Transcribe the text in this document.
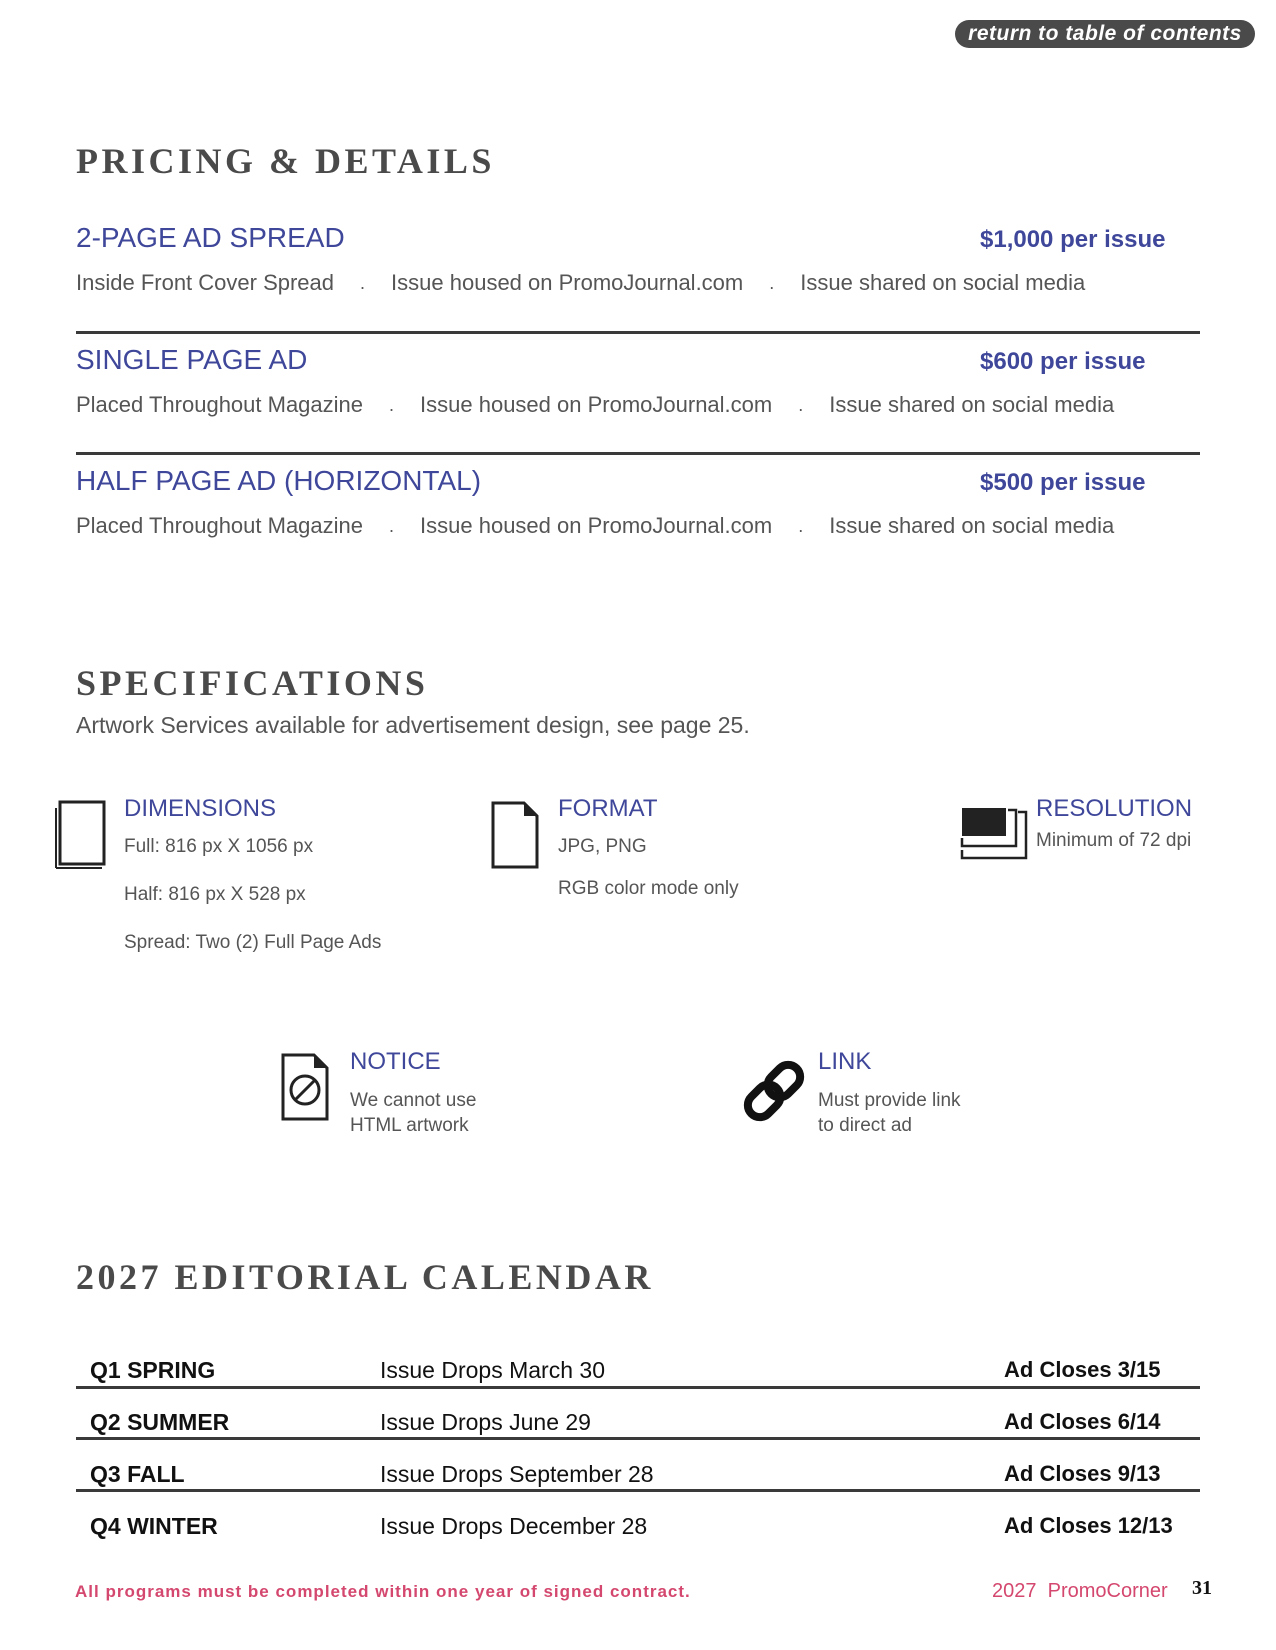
return to table of contents
PRICING & DETAILS
2-PAGE AD SPREAD	$1,000 per issue
Inside Front Cover Spread . Issue housed on PromoJournal.com . Issue shared on social media
SINGLE PAGE AD	$600 per issue
Placed Throughout Magazine . Issue housed on PromoJournal.com . Issue shared on social media
HALF PAGE AD (HORIZONTAL)	$500 per issue
Placed Throughout Magazine . Issue housed on PromoJournal.com . Issue shared on social media
SPECIFICATIONS
Artwork Services available for advertisement design, see page 25.
DIMENSIONS
Full: 816 px X 1056 px
Half: 816 px X 528 px
Spread: Two (2) Full Page Ads
FORMAT
JPG, PNG
RGB color mode only
RESOLUTION
Minimum of 72 dpi
NOTICE
We cannot use
HTML artwork
LINK
Must provide link
to direct ad
2027 EDITORIAL CALENDAR
Q1 SPRING	Issue Drops March 30	Ad Closes 3/15
Q2 SUMMER	Issue Drops June 29	Ad Closes 6/14
Q3 FALL	Issue Drops September 28	Ad Closes 9/13
Q4 WINTER	Issue Drops December 28	Ad Closes 12/13
All programs must be completed within one year of signed contract.	2027  PromoCorner 31
